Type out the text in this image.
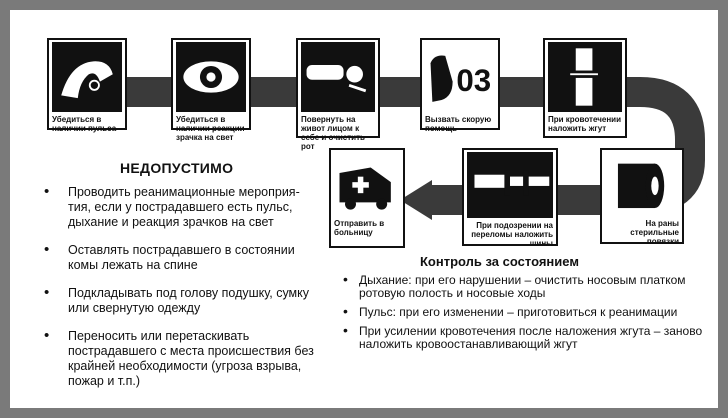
Убедиться в наличии пульса
Убедиться в наличии реакции зрачка на свет
Повернуть на живот лицом к себе и очистить рот
03
Вызвать скорую помощь
При кровотечении наложить жгут
Отправить в больницу
При подозрении на переломы наложить шины
На раны стерильные повязки
НЕДОПУСТИМО
• Проводить реанимационные мероприя- тия, если у пострадавшего есть пульс, дыхание и реакция зрачков на свет
• Оставлять пострадавшего в состоянии комы лежать на спине
• Подкладывать под голову подушку, сумку или свернутую одежду
• Переносить или перетаскивать пострадавшего с места происшествия без крайней необходимости (угроза взрыва, пожар и т.п.)
Контроль за состоянием
• Дыхание: при его нарушении – очистить носовым платком ротовую полость и носовые ходы
• Пульс: при его изменении – приготовиться к реанимации
• При усилении кровотечения после наложения жгута – заново наложить кровоостанавливающий жгут
